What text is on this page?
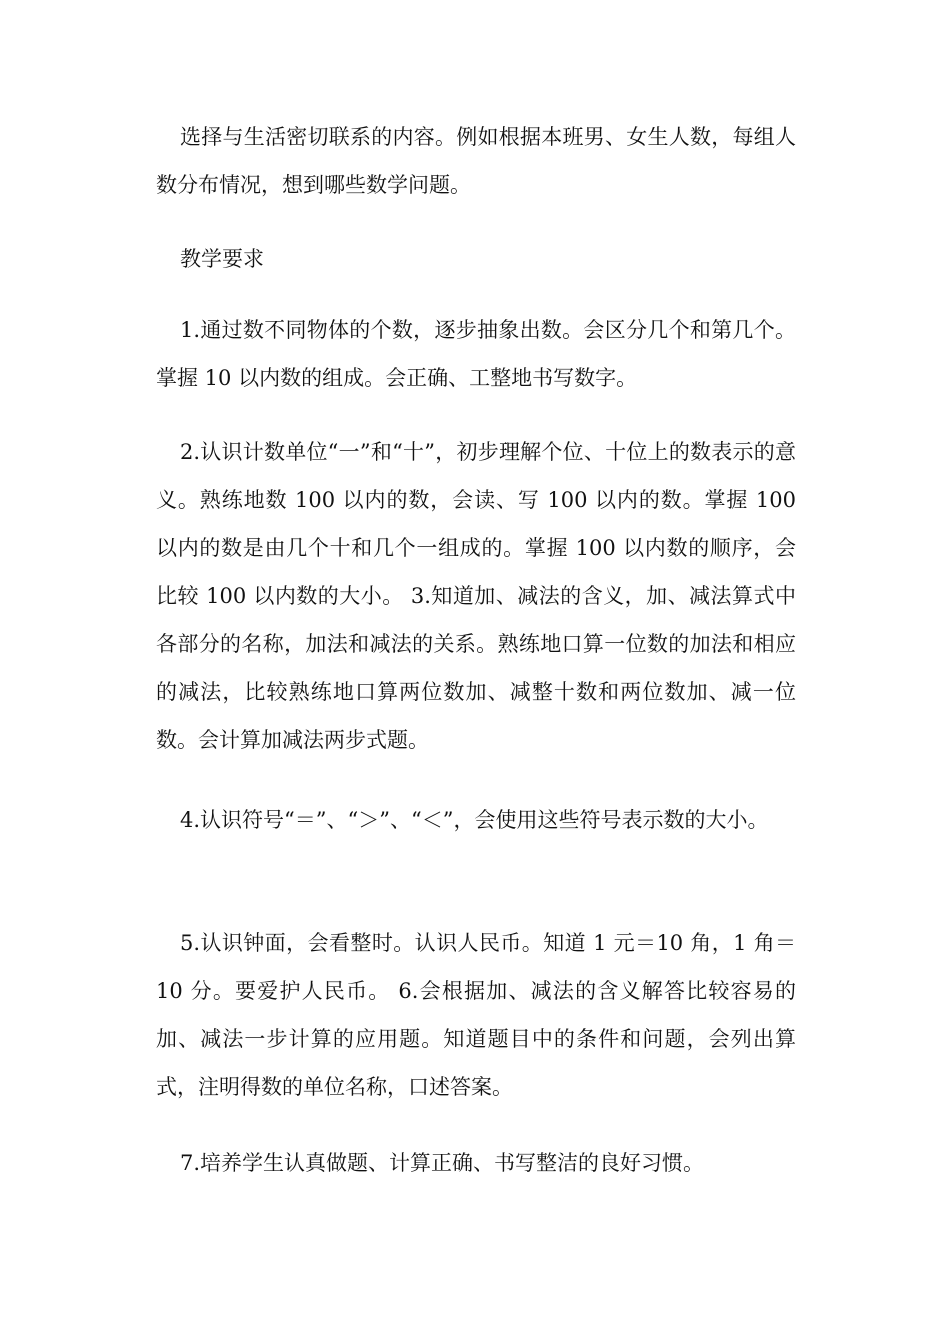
选择与生活密切联系的内容。例如根据本班男、女生人数，每组人数分布情况，想到哪些数学问题。

教学要求

1.通过数不同物体的个数，逐步抽象出数。会区分几个和第几个。掌握 10 以内数的组成。会正确、工整地书写数字。

2.认识计数单位“一”和“十”，初步理解个位、十位上的数表示的意义。熟练地数 100 以内的数，会读、写 100 以内的数。掌握 100 以内的数是由几个十和几个一组成的。掌握 100 以内数的顺序，会比较 100 以内数的大小。 3.知道加、减法的含义，加、减法算式中各部分的名称，加法和减法的关系。熟练地口算一位数的加法和相应的减法，比较熟练地口算两位数加、减整十数和两位数加、减一位数。会计算加减法两步式题。

4.认识符号“＝”、“＞”、“＜”，会使用这些符号表示数的大小。

5.认识钟面，会看整时。认识人民币。知道 1 元＝10 角，1 角＝10 分。要爱护人民币。 6.会根据加、减法的含义解答比较容易的加、减法一步计算的应用题。知道题目中的条件和问题，会列出算式，注明得数的单位名称，口述答案。

7.培养学生认真做题、计算正确、书写整洁的良好习惯。
